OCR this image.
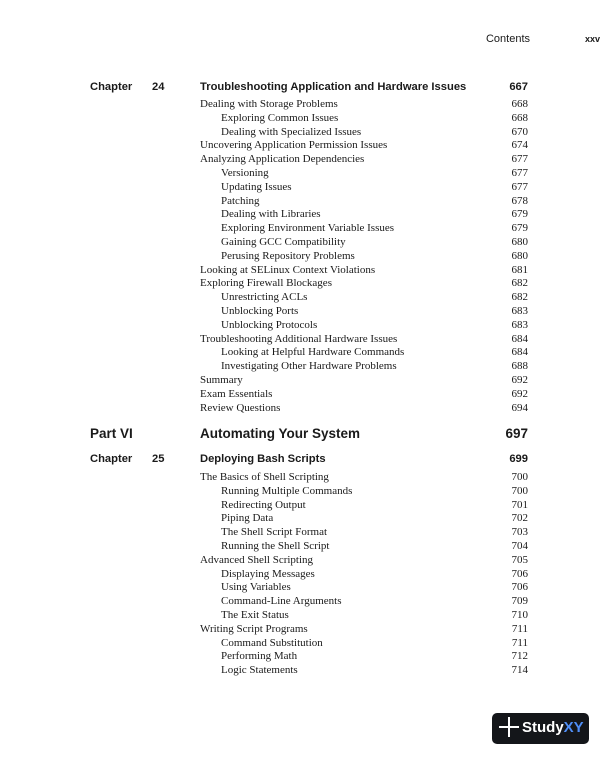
Contents	xxv
Chapter 24	Troubleshooting Application and Hardware Issues	667
Dealing with Storage Problems	668
Exploring Common Issues	668
Dealing with Specialized Issues	670
Uncovering Application Permission Issues	674
Analyzing Application Dependencies	677
Versioning	677
Updating Issues	677
Patching	678
Dealing with Libraries	679
Exploring Environment Variable Issues	679
Gaining GCC Compatibility	680
Perusing Repository Problems	680
Looking at SELinux Context Violations	681
Exploring Firewall Blockages	682
Unrestricting ACLs	682
Unblocking Ports	683
Unblocking Protocols	683
Troubleshooting Additional Hardware Issues	684
Looking at Helpful Hardware Commands	684
Investigating Other Hardware Problems	688
Summary	692
Exam Essentials	692
Review Questions	694
Part VI	Automating Your System	697
Chapter 25	Deploying Bash Scripts	699
The Basics of Shell Scripting	700
Running Multiple Commands	700
Redirecting Output	701
Piping Data	702
The Shell Script Format	703
Running the Shell Script	704
Advanced Shell Scripting	705
Displaying Messages	706
Using Variables	706
Command-Line Arguments	709
The Exit Status	710
Writing Script Programs	711
Command Substitution	711
Performing Math	712
Logic Statements	714
StudyXY
